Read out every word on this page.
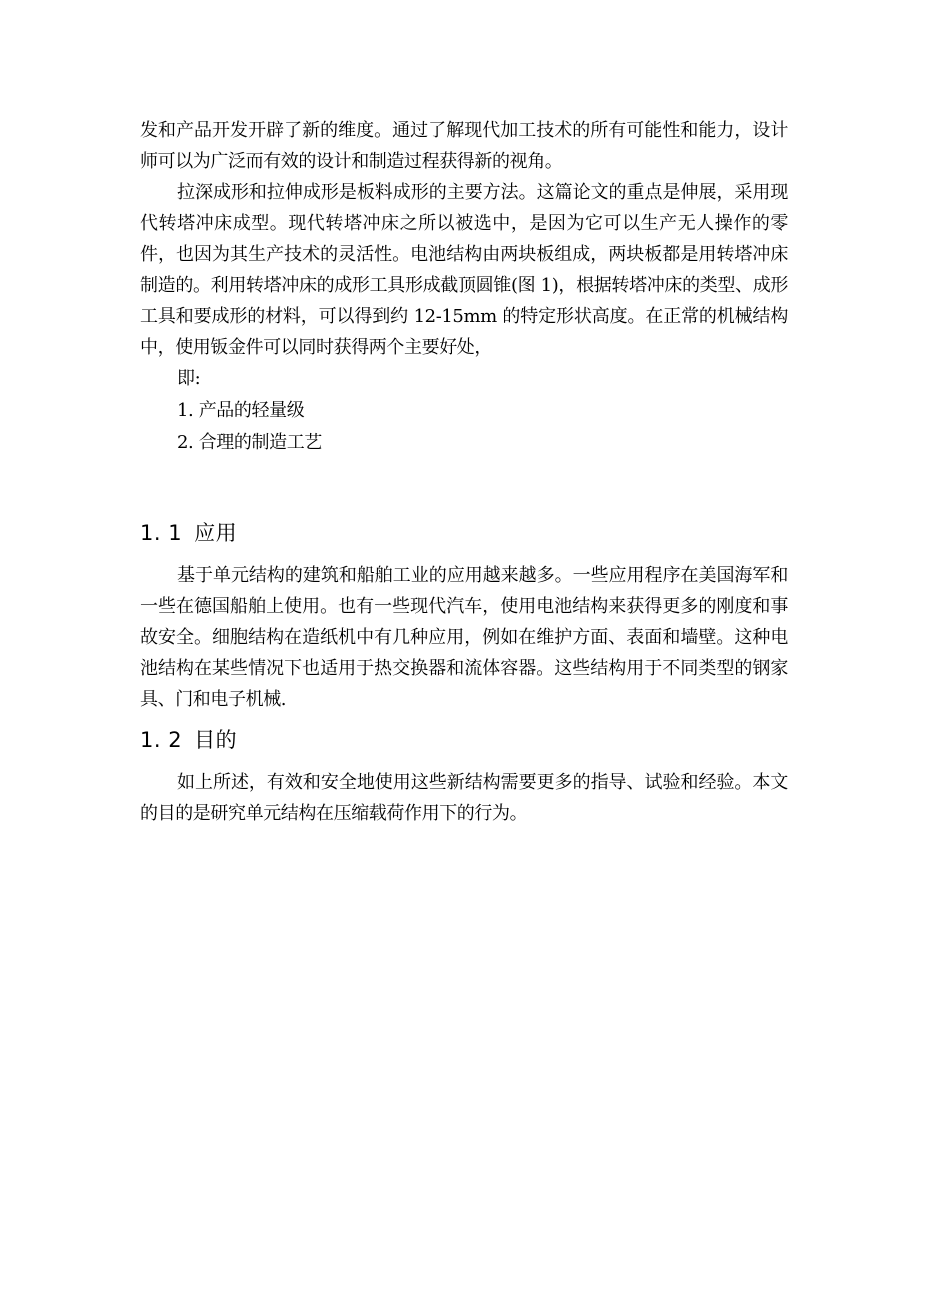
发和产品开发开辟了新的维度。通过了解现代加工技术的所有可能性和能力，设计师可以为广泛而有效的设计和制造过程获得新的视角。

拉深成形和拉伸成形是板料成形的主要方法。这篇论文的重点是伸展，采用现代转塔冲床成型。现代转塔冲床之所以被选中，是因为它可以生产无人操作的零件，也因为其生产技术的灵活性。电池结构由两块板组成，两块板都是用转塔冲床制造的。利用转塔冲床的成形工具形成截顶圆锥(图 1)，根据转塔冲床的类型、成形工具和要成形的材料，可以得到约 12-15mm 的特定形状高度。在正常的机械结构中，使用钣金件可以同时获得两个主要好处，

即:

1. 产品的轻量级

2. 合理的制造工艺

1. 1 应用

基于单元结构的建筑和船舶工业的应用越来越多。一些应用程序在美国海军和一些在德国船舶上使用。也有一些现代汽车，使用电池结构来获得更多的刚度和事故安全。细胞结构在造纸机中有几种应用，例如在维护方面、表面和墙壁。这种电池结构在某些情况下也适用于热交换器和流体容器。这些结构用于不同类型的钢家具、门和电子机械.

1. 2 目的

如上所述，有效和安全地使用这些新结构需要更多的指导、试验和经验。本文的目的是研究单元结构在压缩载荷作用下的行为。
